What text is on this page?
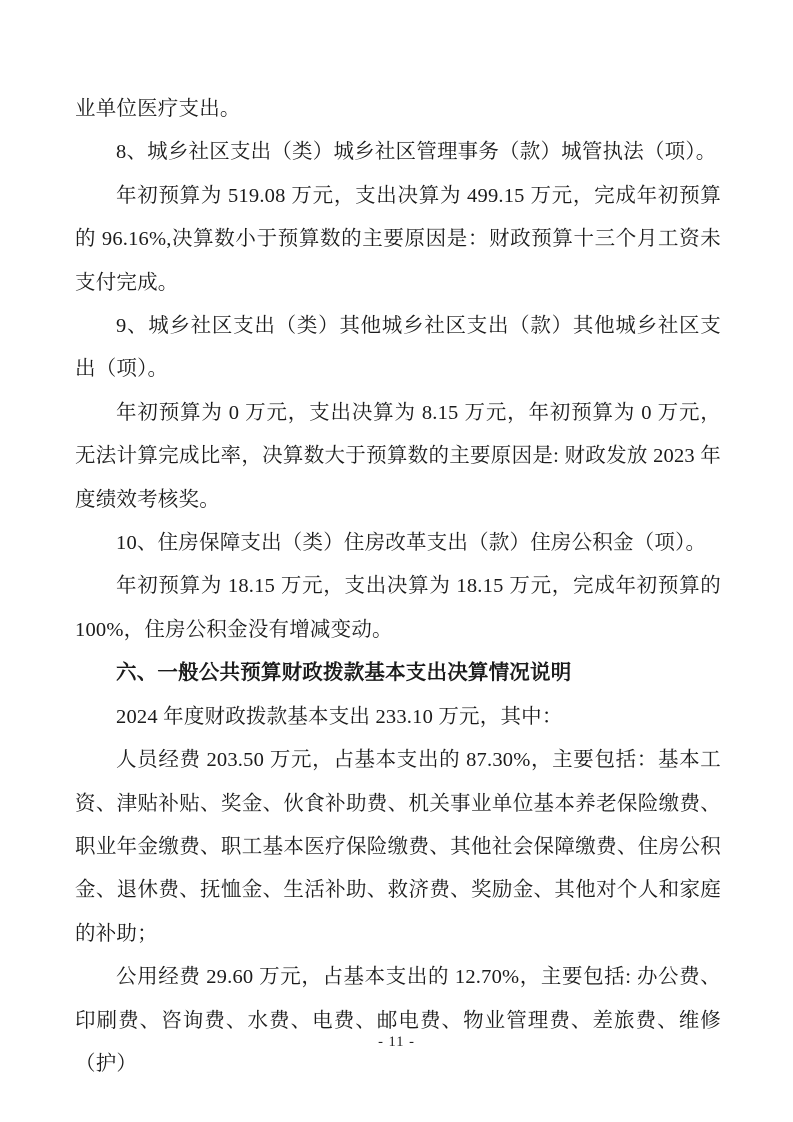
业单位医疗支出。

8、城乡社区支出（类）城乡社区管理事务（款）城管执法（项）。

年初预算为 519.08 万元，支出决算为 499.15 万元，完成年初预算的 96.16%,决算数小于预算数的主要原因是：财政预算十三个月工资未支付完成。

9、城乡社区支出（类）其他城乡社区支出（款）其他城乡社区支出（项）。

年初预算为 0 万元，支出决算为 8.15 万元，年初预算为 0 万元，无法计算完成比率，决算数大于预算数的主要原因是: 财政发放 2023 年度绩效考核奖。

10、住房保障支出（类）住房改革支出（款）住房公积金（项）。

年初预算为 18.15 万元，支出决算为 18.15 万元，完成年初预算的 100%，住房公积金没有增减变动。

六、一般公共预算财政拨款基本支出决算情况说明

2024 年度财政拨款基本支出 233.10 万元，其中：

人员经费 203.50 万元，占基本支出的 87.30%，主要包括：基本工资、津贴补贴、奖金、伙食补助费、机关事业单位基本养老保险缴费、职业年金缴费、职工基本医疗保险缴费、其他社会保障缴费、住房公积金、退休费、抚恤金、生活补助、救济费、奖励金、其他对个人和家庭的补助；

公用经费 29.60 万元，占基本支出的 12.70%，主要包括: 办公费、印刷费、咨询费、水费、电费、邮电费、物业管理费、差旅费、维修（护）

- 11 -
